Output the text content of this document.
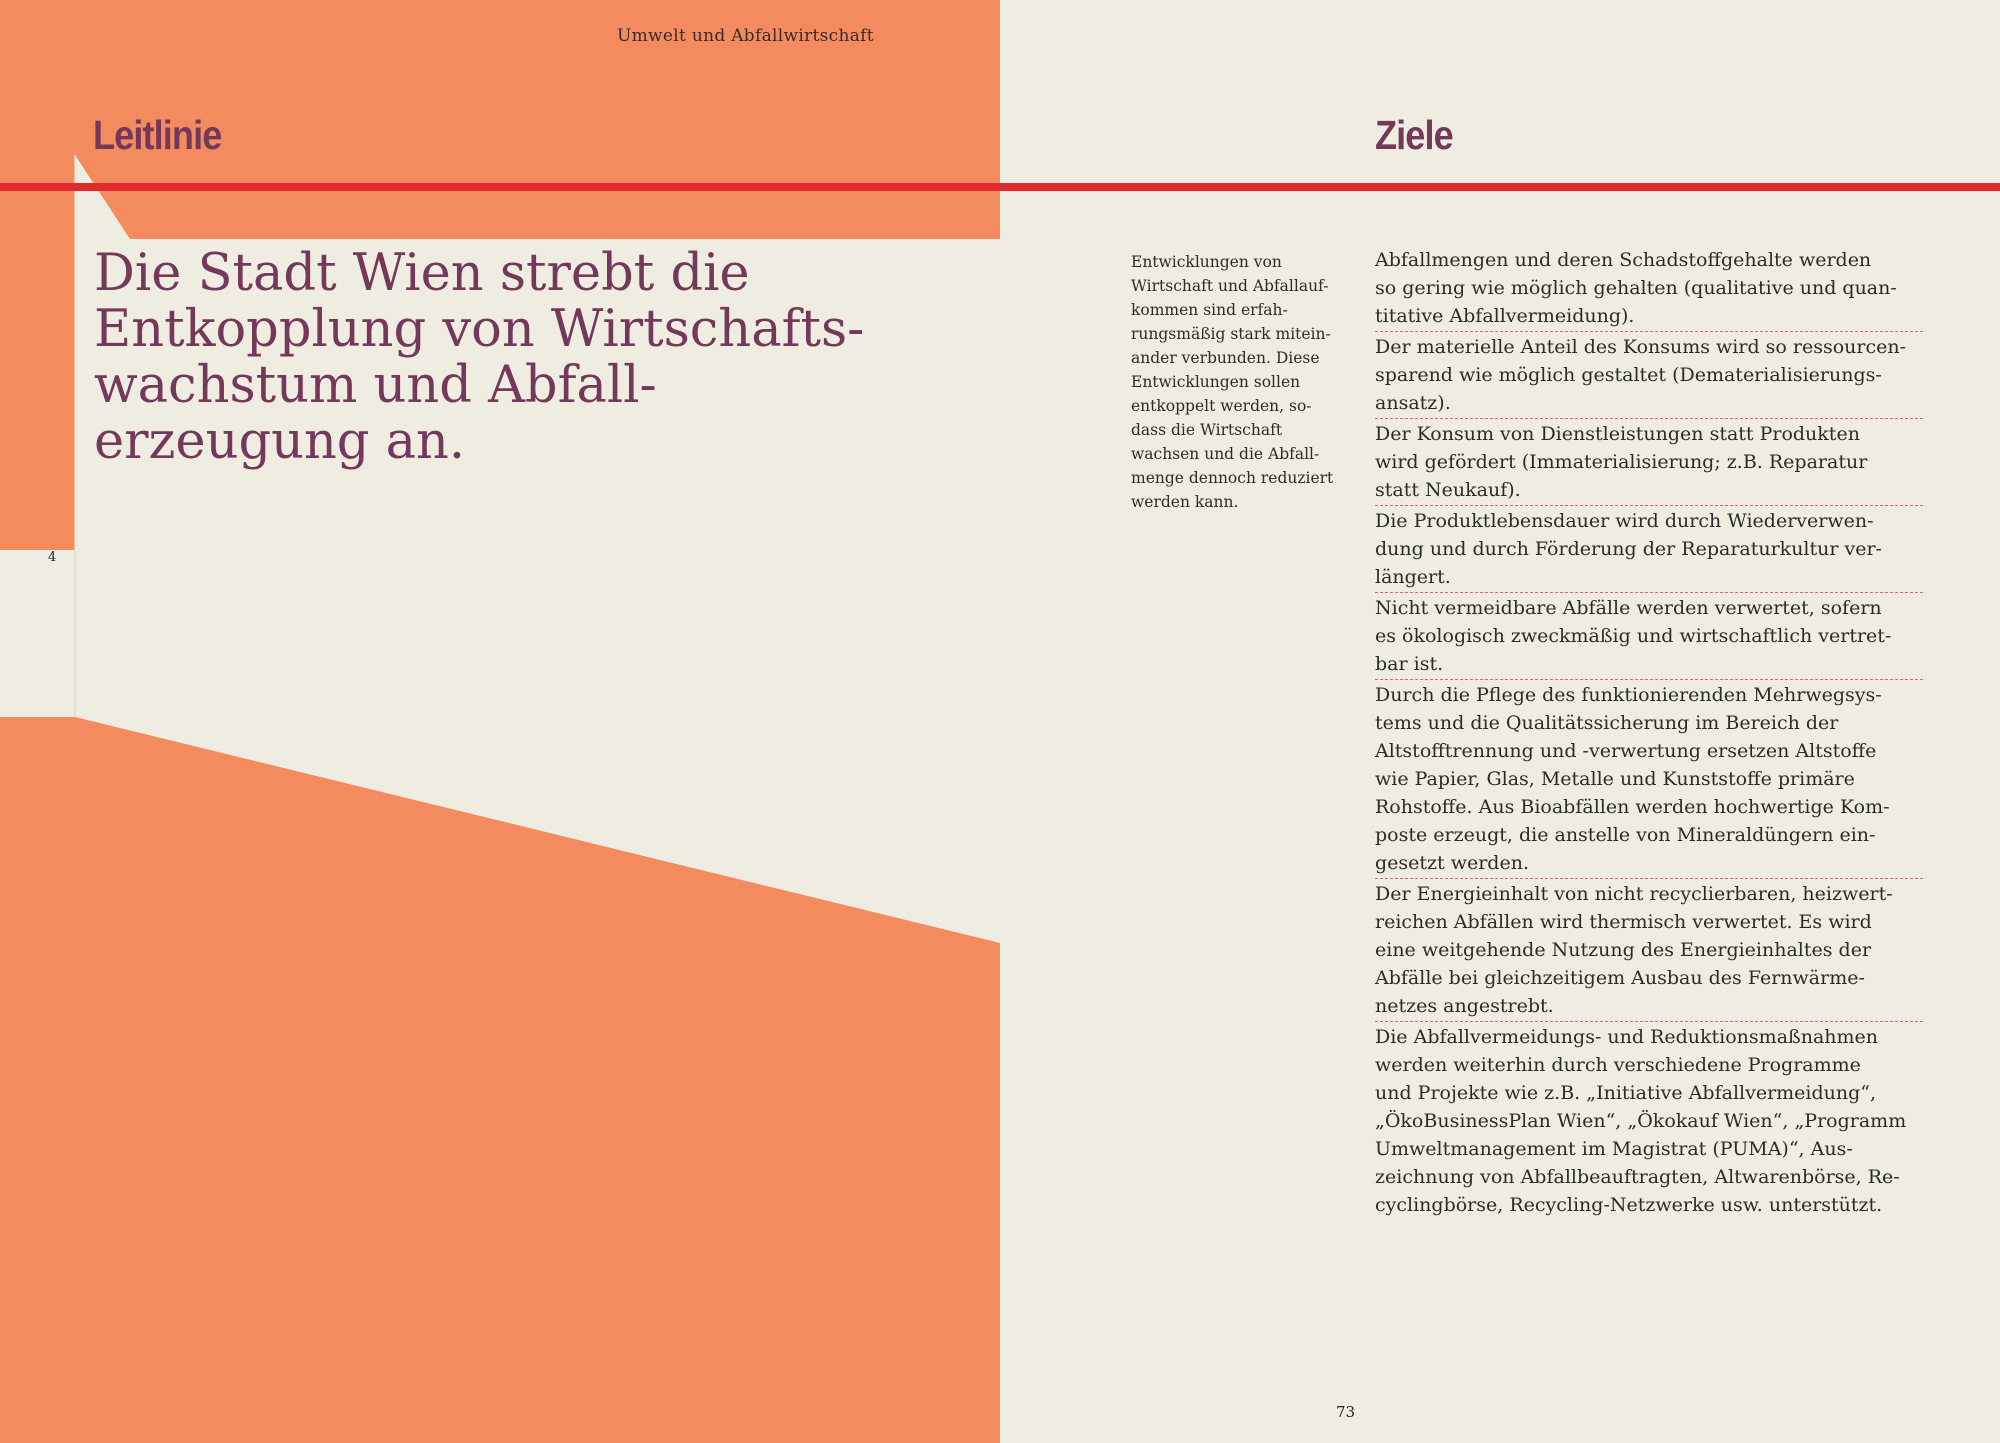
Umwelt und Abfallwirtschaft
Leitlinie
Die Stadt Wien strebt die
Entkopplung von Wirtschafts-
wachstum und Abfall-
erzeugung an.
4
Ziele
Entwicklungen von
Wirtschaft und Abfallauf-
kommen sind erfah-
rungsmäßig stark mitein-
ander verbunden. Diese
Entwicklungen sollen
entkoppelt werden, so-
dass die Wirtschaft
wachsen und die Abfall-
menge dennoch reduziert
werden kann.
Abfallmengen und deren Schadstoffgehalte werden
so gering wie möglich gehalten (qualitative und quan-
titative Abfallvermeidung).
Der materielle Anteil des Konsums wird so ressourcen-
sparend wie möglich gestaltet (Dematerialisierungs-
ansatz).
Der Konsum von Dienstleistungen statt Produkten
wird gefördert (Immaterialisierung; z.B. Reparatur
statt Neukauf).
Die Produktlebensdauer wird durch Wiederverwen-
dung und durch Förderung der Reparaturkultur ver-
längert.
Nicht vermeidbare Abfälle werden verwertet, sofern
es ökologisch zweckmäßig und wirtschaftlich vertret-
bar ist.
Durch die Pflege des funktionierenden Mehrwegsys-
tems und die Qualitätssicherung im Bereich der
Altstofftrennung und -verwertung ersetzen Altstoffe
wie Papier, Glas, Metalle und Kunststoffe primäre
Rohstoffe. Aus Bioabfällen werden hochwertige Kom-
poste erzeugt, die anstelle von Mineraldüngern ein-
gesetzt werden.
Der Energieinhalt von nicht recyclierbaren, heizwert-
reichen Abfällen wird thermisch verwertet. Es wird
eine weitgehende Nutzung des Energieinhaltes der
Abfälle bei gleichzeitigem Ausbau des Fernwärme-
netzes angestrebt.
Die Abfallvermeidungs- und Reduktionsmaßnahmen
werden weiterhin durch verschiedene Programme
und Projekte wie z.B. „Initiative Abfallvermeidung“,
„ÖkoBusinessPlan Wien“, „Ökokauf Wien“, „Programm
Umweltmanagement im Magistrat (PUMA)“, Aus-
zeichnung von Abfallbeauftragten, Altwarenbörse, Re-
cyclingbörse, Recycling-Netzwerke usw. unterstützt.
73
